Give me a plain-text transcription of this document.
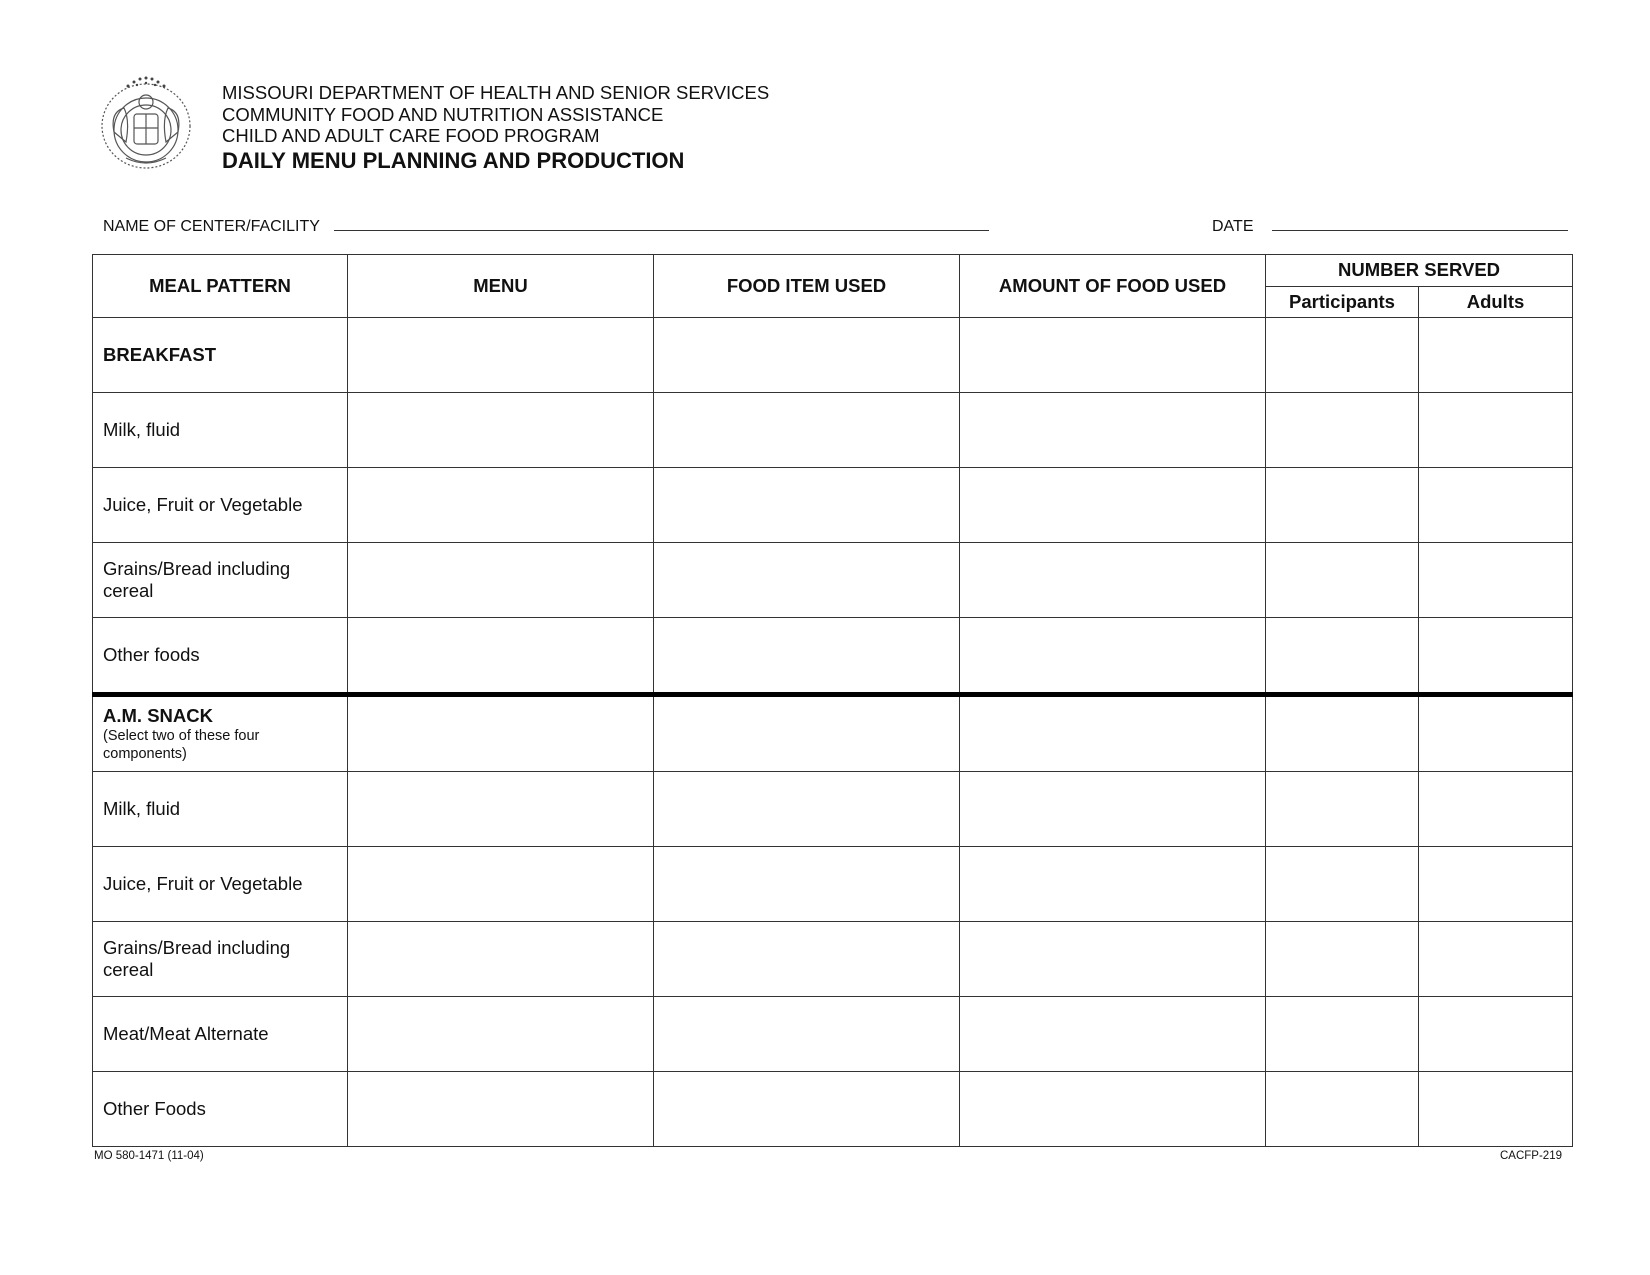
MISSOURI DEPARTMENT OF HEALTH AND SENIOR SERVICES
COMMUNITY FOOD AND NUTRITION ASSISTANCE
CHILD AND ADULT CARE FOOD PROGRAM
DAILY MENU PLANNING AND PRODUCTION
NAME OF CENTER/FACILITY	DATE
MEAL PATTERN	MENU	FOOD ITEM USED	AMOUNT OF FOOD USED	NUMBER SERVED	
				Participants	Adults
BREAKFAST					
Milk, fluid					
Juice, Fruit or Vegetable					
Grains/Bread including cereal					
Other foods					
A.M. SNACK
(Select two of these four components)					

Milk, fluid					
Juice, Fruit or Vegetable					
Grains/Bread including cereal					
Meat/Meat Alternate					
Other Foods					
MO 580-1471 (11-04)	CACFP-219
